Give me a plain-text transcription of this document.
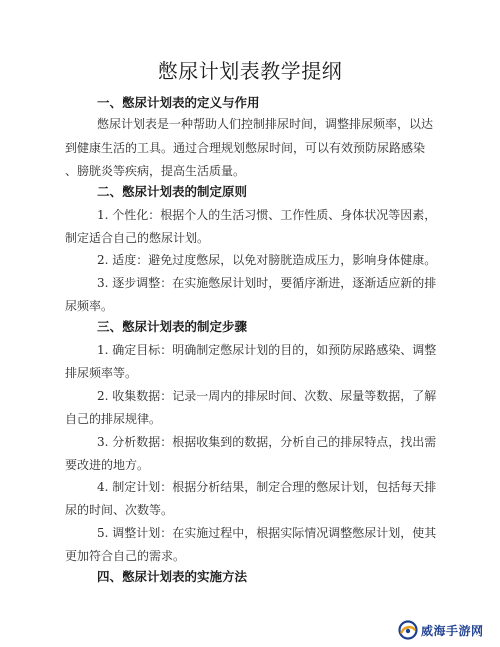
憋尿计划表教学提纲
一、憋尿计划表的定义与作用

憋尿计划表是一种帮助人们控制排尿时间，调整排尿频率，以达

到健康生活的工具。通过合理规划憋尿时间，可以有效预防尿路感染

、膀胱炎等疾病，提高生活质量。

二、憋尿计划表的制定原则

1. 个性化：根据个人的生活习惯、工作性质、身体状况等因素，

制定适合自己的憋尿计划。

2. 适度：避免过度憋尿，以免对膀胱造成压力，影响身体健康。

3. 逐步调整：在实施憋尿计划时，要循序渐进，逐渐适应新的排

尿频率。

三、憋尿计划表的制定步骤

1. 确定目标：明确制定憋尿计划的目的，如预防尿路感染、调整

排尿频率等。

2. 收集数据：记录一周内的排尿时间、次数、尿量等数据，了解

自己的排尿规律。

3. 分析数据：根据收集到的数据，分析自己的排尿特点，找出需

要改进的地方。

4. 制定计划：根据分析结果，制定合理的憋尿计划，包括每天排

尿的时间、次数等。

5. 调整计划：在实施过程中，根据实际情况调整憋尿计划，使其

更加符合自己的需求。

四、憋尿计划表的实施方法
威海手游网
